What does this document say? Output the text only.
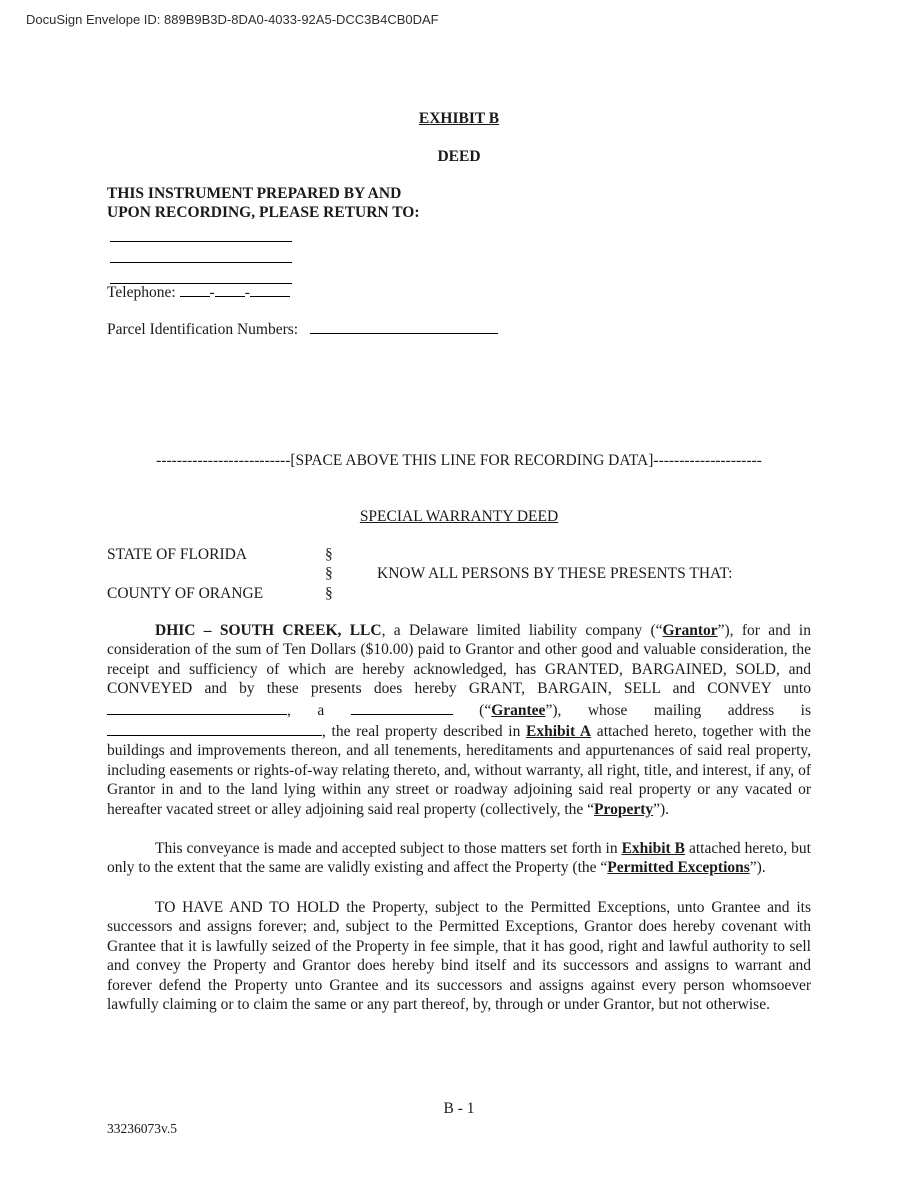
DocuSign Envelope ID: 889B9B3D-8DA0-4033-92A5-DCC3B4CB0DAF
EXHIBIT B
DEED
THIS INSTRUMENT PREPARED BY AND
UPON RECORDING, PLEASE RETURN TO:
Telephone: - -
Parcel Identification Numbers:
--------------------------[SPACE ABOVE THIS LINE FOR RECORDING DATA]---------------------
SPECIAL WARRANTY DEED
STATE OF FLORIDA	§
§	KNOW ALL PERSONS BY THESE PRESENTS THAT:
COUNTY OF ORANGE	§

DHIC – SOUTH CREEK, LLC, a Delaware limited liability company (“Grantor”), for and in consideration of the sum of Ten Dollars ($10.00) paid to Grantor and other good and valuable consideration, the receipt and sufficiency of which are hereby acknowledged, has GRANTED, BARGAINED, SOLD, and CONVEYED and by these presents does hereby GRANT, BARGAIN, SELL and CONVEY unto , a	(“Grantee”), whose mailing address is , the real property described in Exhibit A attached hereto, together with the buildings and improvements thereon, and all tenements, hereditaments and appurtenances of said real property, including easements or rights-of-way relating thereto, and, without warranty, all right, title, and interest, if any, of Grantor in and to the land lying within any street or roadway adjoining said real property or any vacated or hereafter vacated street or alley adjoining said real property (collectively, the “Property”).

This conveyance is made and accepted subject to those matters set forth in Exhibit B attached hereto, but only to the extent that the same are validly existing and affect the Property (the “Permitted Exceptions”).

TO HAVE AND TO HOLD the Property, subject to the Permitted Exceptions, unto Grantee and its successors and assigns forever; and, subject to the Permitted Exceptions, Grantor does hereby covenant with Grantee that it is lawfully seized of the Property in fee simple, that it has good, right and lawful authority to sell and convey the Property and Grantor does hereby bind itself and its successors and assigns to warrant and forever defend the Property unto Grantee and its successors and assigns against every person whomsoever lawfully claiming or to claim the same or any part thereof, by, through or under Grantor, but not otherwise.

B - 1
33236073v.5
